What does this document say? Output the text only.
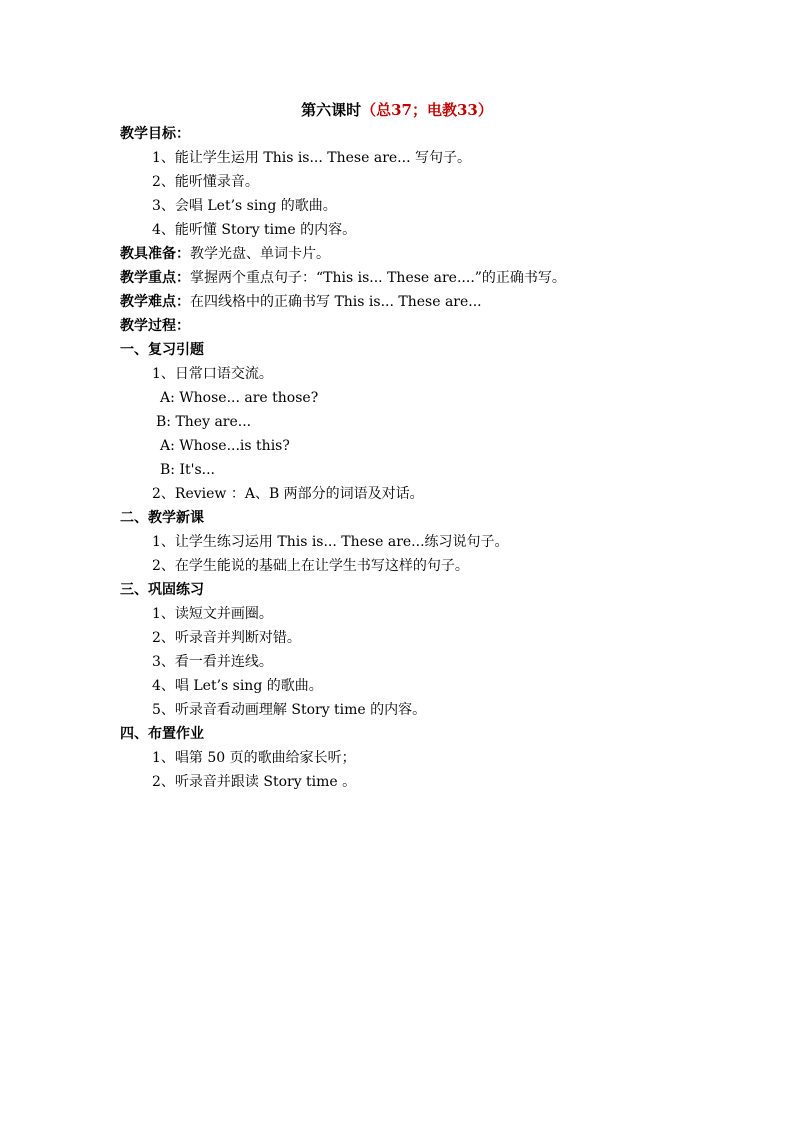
第六课时（总37；电教33）
教学目标：
1、能让学生运用 This is... These are... 写句子。
2、能听懂录音。
3、会唱 Let’s sing 的歌曲。
4、能听懂 Story time 的内容。
教具准备：教学光盘、单词卡片。
教学重点：掌握两个重点句子：“This is... These are....”的正确书写。
教学难点：在四线格中的正确书写 This is... These are...
教学过程：
一、复习引题
1、日常口语交流。
A: Whose... are those?
B: They are...
A: Whose...is this?
B: It's...
2、Review ：A、B 两部分的词语及对话。
二、教学新课
1、让学生练习运用 This is... These are...练习说句子。
2、在学生能说的基础上在让学生书写这样的句子。
三、巩固练习
1、读短文并画圈。
2、听录音并判断对错。
3、看一看并连线。
4、唱 Let’s sing 的歌曲。
5、听录音看动画理解 Story time 的内容。
四、布置作业
1、唱第 50 页的歌曲给家长听；
2、听录音并跟读 Story time 。
